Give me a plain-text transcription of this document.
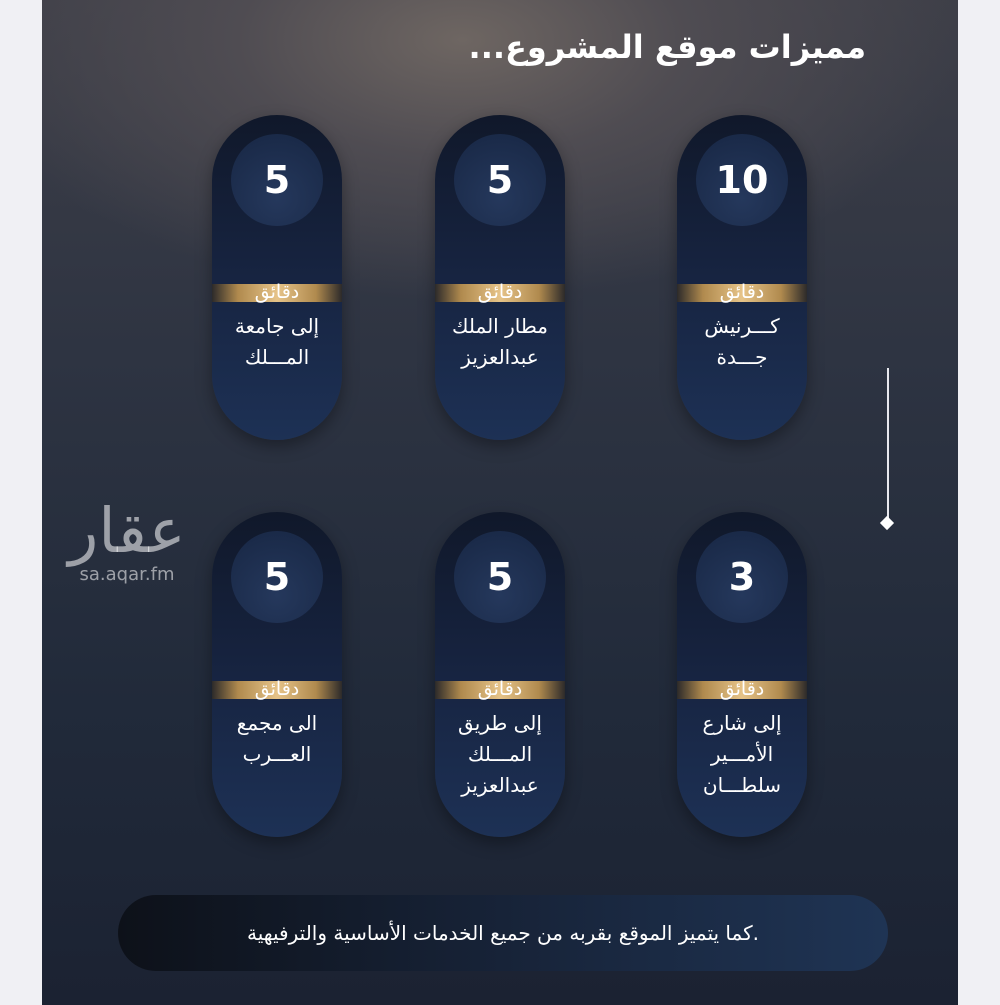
مميزات موقع المشروع...
10
دقائق
كـــرنيش
جـــدة
5
دقائق
مطار الملك
عبدالعزيز
5
دقائق
إلى جامعة
المـــلك
3
دقائق
إلى شارع
الأمـــير
سلطـــان
5
دقائق
إلى طريق
المـــلك
عبدالعزيز
5
دقائق
الى مجمع
العـــرب
عقار
sa.aqar.fm
.كما يتميز الموقع بقربه من جميع الخدمات الأساسية والترفيهية
